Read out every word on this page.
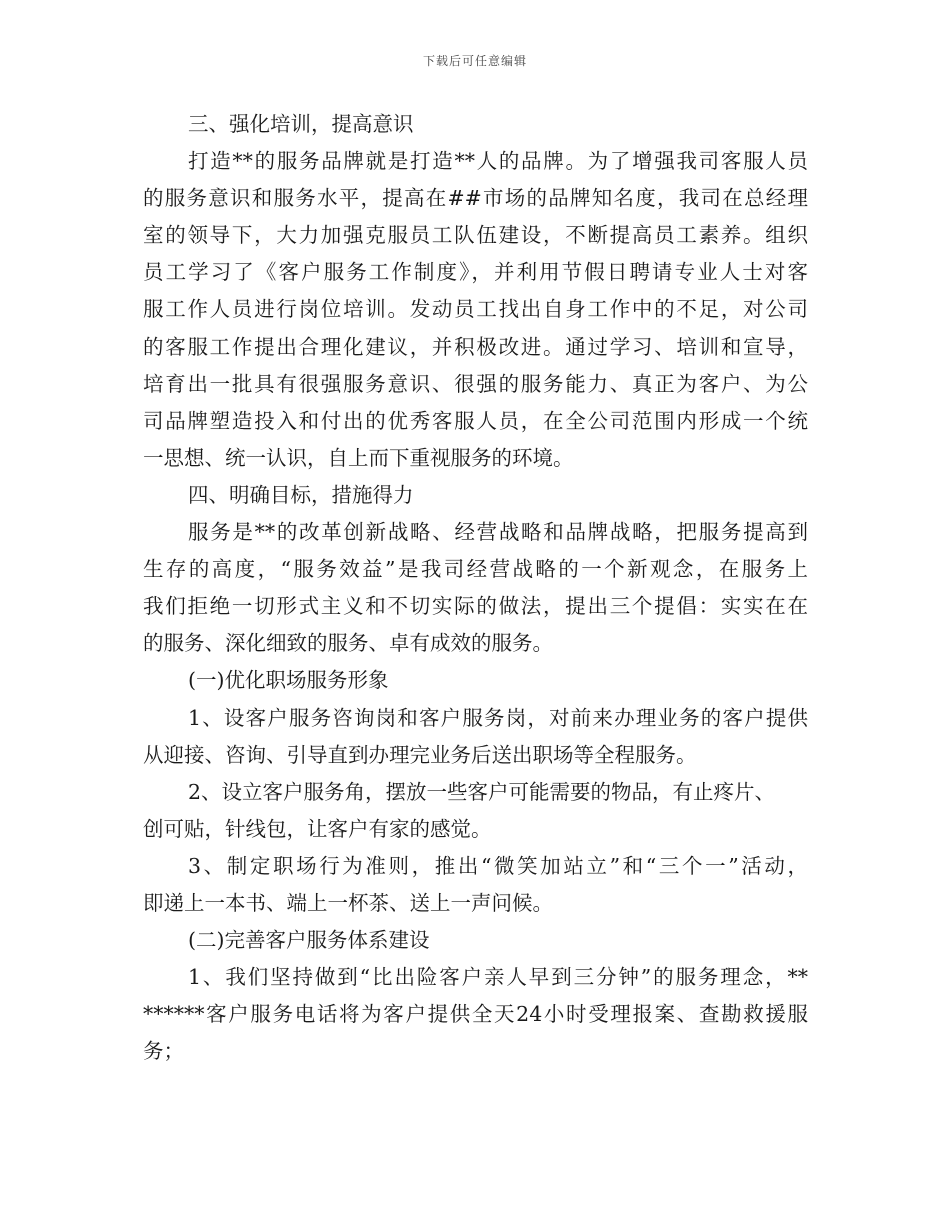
下载后可任意编辑
三、强化培训，提高意识
打造**的服务品牌就是打造**人的品牌。为了增强我司客服人员
的服务意识和服务水平，提高在##市场的品牌知名度，我司在总经理
室的领导下，大力加强克服员工队伍建设，不断提高员工素养。组织
员工学习了《客户服务工作制度》，并利用节假日聘请专业人士对客
服工作人员进行岗位培训。发动员工找出自身工作中的不足，对公司
的客服工作提出合理化建议，并积极改进。通过学习、培训和宣导，
培育出一批具有很强服务意识、很强的服务能力、真正为客户、为公
司品牌塑造投入和付出的优秀客服人员，在全公司范围内形成一个统
一思想、统一认识，自上而下重视服务的环境。
四、明确目标，措施得力
服务是**的改革创新战略、经营战略和品牌战略，把服务提高到
生存的高度，“服务效益”是我司经营战略的一个新观念，在服务上
我们拒绝一切形式主义和不切实际的做法，提出三个提倡：实实在在
的服务、深化细致的服务、卓有成效的服务。
(一)优化职场服务形象
1、设客户服务咨询岗和客户服务岗，对前来办理业务的客户提供
从迎接、咨询、引导直到办理完业务后送出职场等全程服务。
2、设立客户服务角，摆放一些客户可能需要的物品，有止疼片、
创可贴，针线包，让客户有家的感觉。
3、制定职场行为准则，推出“微笑加站立”和“三个一”活动，
即递上一本书、端上一杯茶、送上一声问候。
(二)完善客户服务体系建设
1、我们坚持做到“比出险客户亲人早到三分钟”的服务理念，**
******客户服务电话将为客户提供全天24小时受理报案、查勘救援服
务；
